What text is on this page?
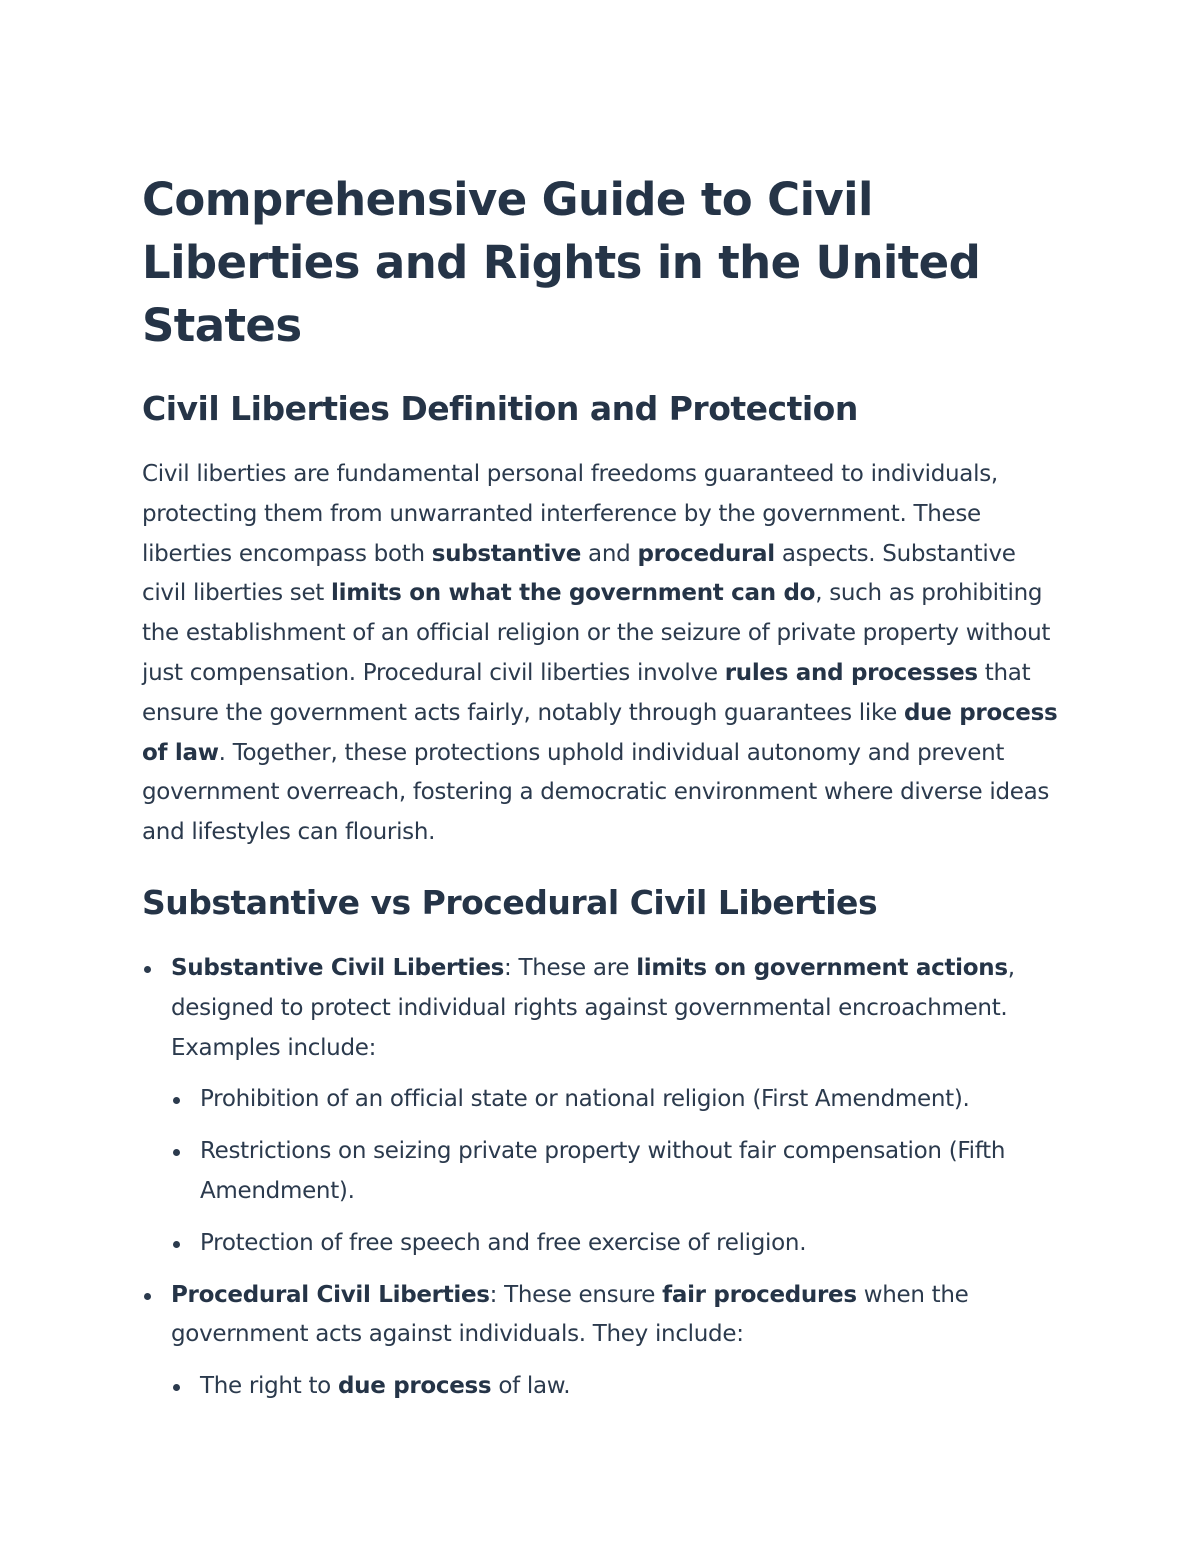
Comprehensive Guide to Civil Liberties and Rights in the United States
Civil Liberties Definition and Protection

Civil liberties are fundamental personal freedoms guaranteed to individuals, protecting them from unwarranted interference by the government. These liberties encompass both substantive and procedural aspects. Substantive civil liberties set limits on what the government can do, such as prohibiting the establishment of an official religion or the seizure of private property without just compensation. Procedural civil liberties involve rules and processes that ensure the government acts fairly, notably through guarantees like due process of law. Together, these protections uphold individual autonomy and prevent government overreach, fostering a democratic environment where diverse ideas and lifestyles can flourish.

Substantive vs Procedural Civil Liberties
Substantive Civil Liberties: These are limits on government actions, designed to protect individual rights against governmental encroachment. Examples include:
Prohibition of an official state or national religion (First Amendment).
Restrictions on seizing private property without fair compensation (Fifth Amendment).
Protection of free speech and free exercise of religion.
Procedural Civil Liberties: These ensure fair procedures when the government acts against individuals. They include:
The right to due process of law.
